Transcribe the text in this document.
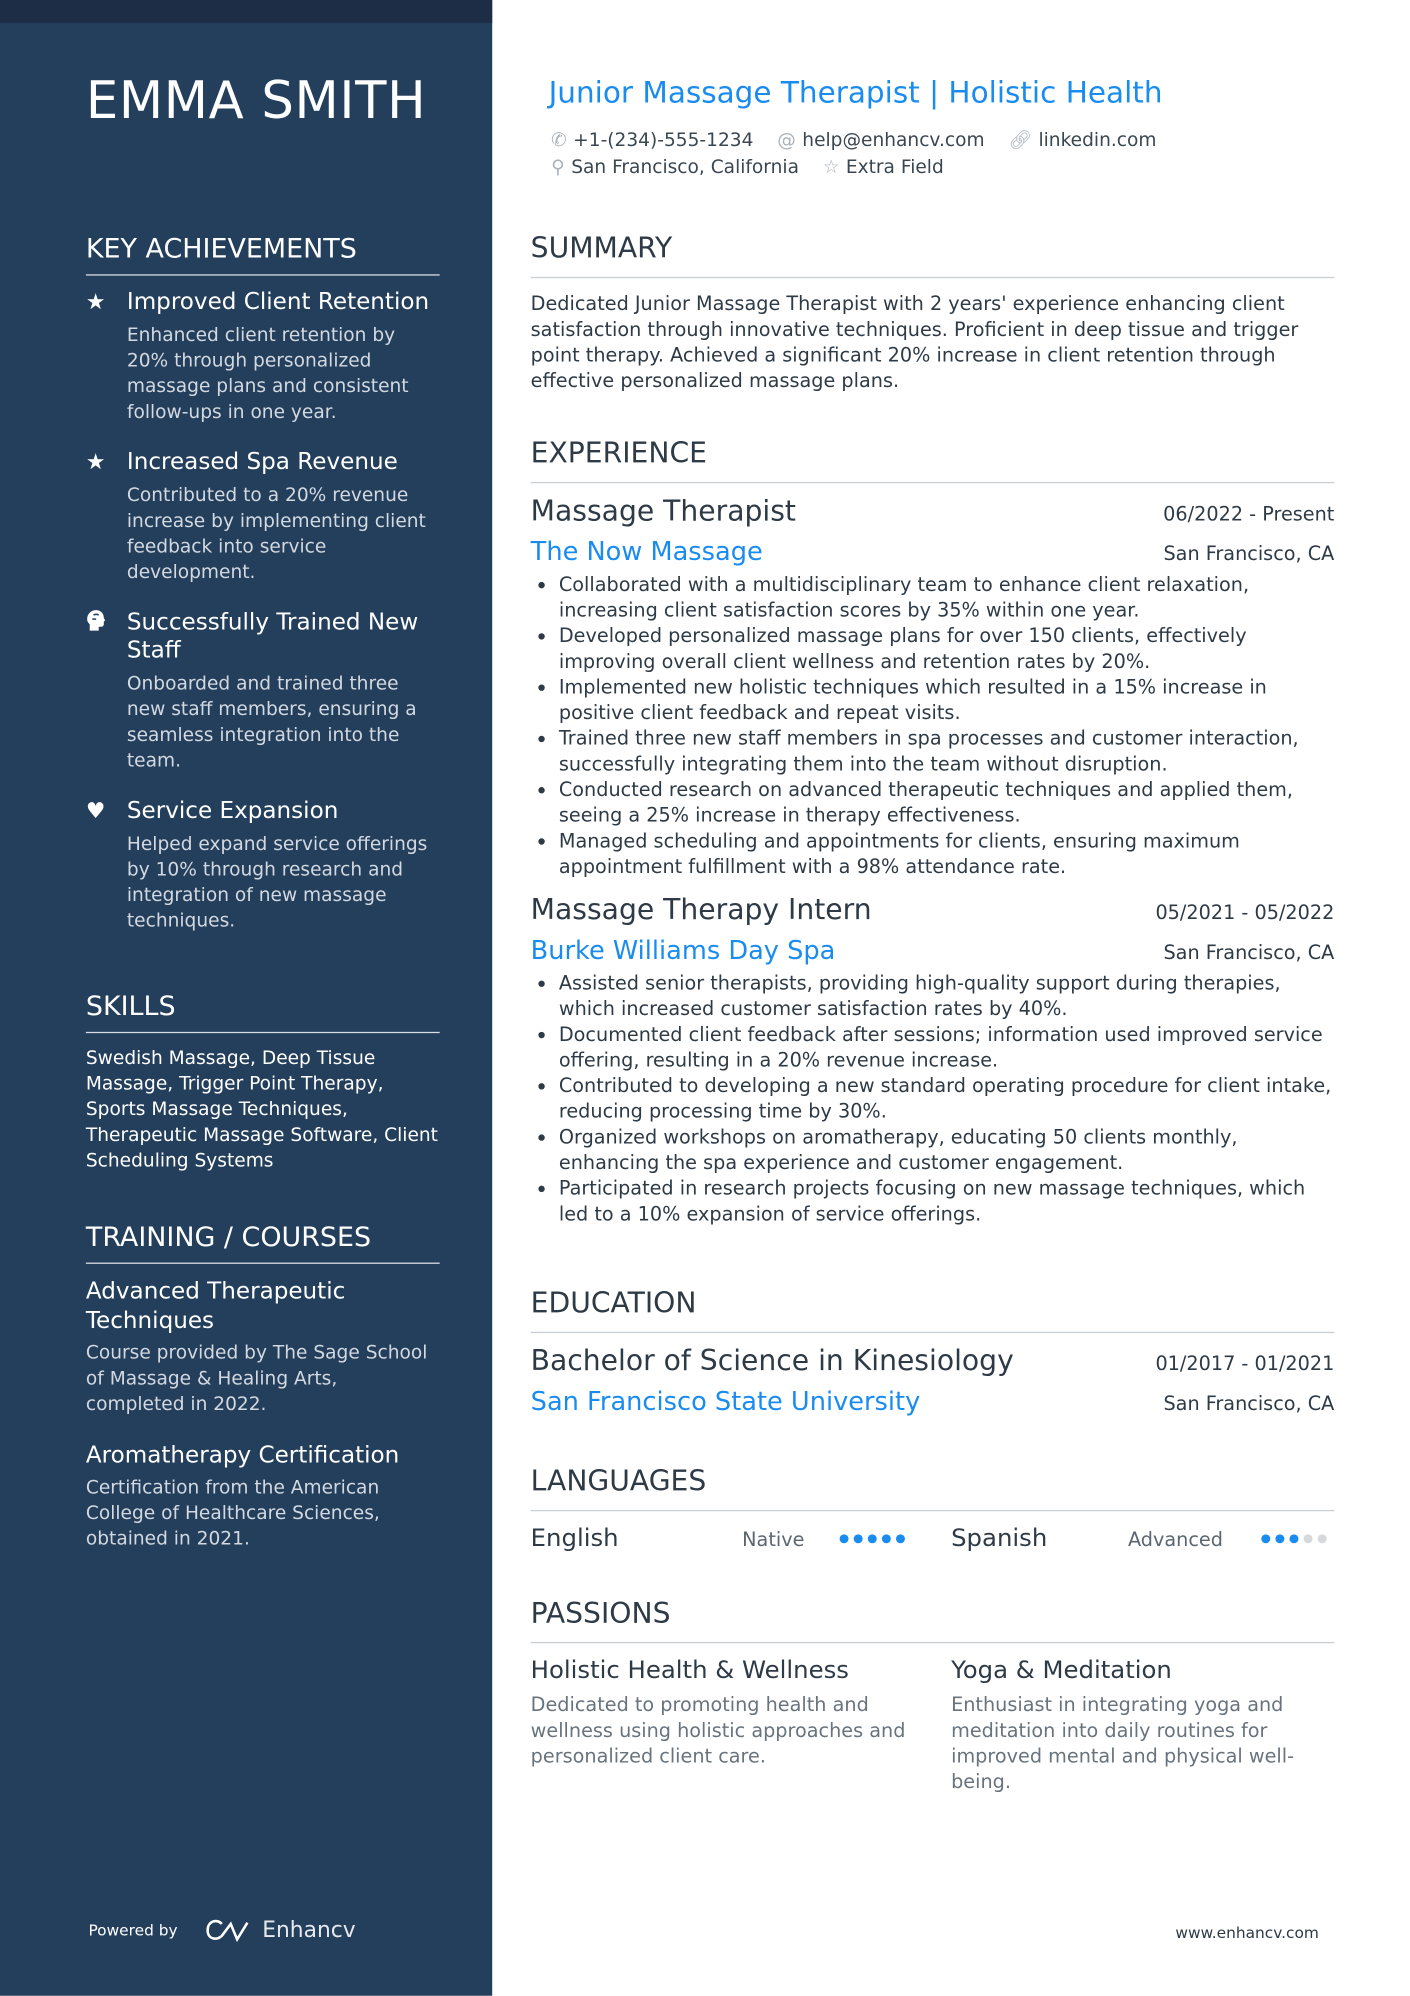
EMMA SMITH
KEY ACHIEVEMENTS
★	Improved Client Retention
Enhanced client retention by 20% through personalized massage plans and consistent follow-ups in one year.
★	Increased Spa Revenue
Contributed to a 20% revenue increase by implementing client feedback into service development.
Successfully Trained New Staff
Onboarded and trained three new staff members, ensuring a seamless integration into the team.
♥	Service Expansion
Helped expand service offerings by 10% through research and integration of new massage techniques.
SKILLS
Swedish Massage, Deep Tissue Massage, Trigger Point Therapy, Sports Massage Techniques, Therapeutic Massage Software, Client Scheduling Systems
TRAINING / COURSES
Advanced Therapeutic Techniques
Course provided by The Sage School of Massage & Healing Arts, completed in 2022.
Aromatherapy Certification
Certification from the American College of Healthcare Sciences, obtained in 2021.
Powered by	Enhancv
Junior Massage Therapist | Holistic Health
✆ +1-(234)-555-1234 @ help@enhancv.com 🔗︎ linkedin.com
⚲ San Francisco, California ☆ Extra Field
SUMMARY
Dedicated Junior Massage Therapist with 2 years' experience enhancing client satisfaction through innovative techniques. Proficient in deep tissue and trigger point therapy. Achieved a significant 20% increase in client retention through effective personalized massage plans.
EXPERIENCE
Massage Therapist	06/2022 - Present
The Now Massage	San Francisco, CA
• Collaborated with a multidisciplinary team to enhance client relaxation, increasing client satisfaction scores by 35% within one year.
• Developed personalized massage plans for over 150 clients, effectively improving overall client wellness and retention rates by 20%.
• Implemented new holistic techniques which resulted in a 15% increase in positive client feedback and repeat visits.
• Trained three new staff members in spa processes and customer interaction, successfully integrating them into the team without disruption.
• Conducted research on advanced therapeutic techniques and applied them, seeing a 25% increase in therapy effectiveness.
• Managed scheduling and appointments for clients, ensuring maximum appointment fulfillment with a 98% attendance rate.
Massage Therapy Intern	05/2021 - 05/2022
Burke Williams Day Spa	San Francisco, CA
• Assisted senior therapists, providing high-quality support during therapies, which increased customer satisfaction rates by 40%.
• Documented client feedback after sessions; information used improved service offering, resulting in a 20% revenue increase.
• Contributed to developing a new standard operating procedure for client intake, reducing processing time by 30%.
• Organized workshops on aromatherapy, educating 50 clients monthly, enhancing the spa experience and customer engagement.
• Participated in research projects focusing on new massage techniques, which led to a 10% expansion of service offerings.
EDUCATION
Bachelor of Science in Kinesiology	01/2017 - 01/2021
San Francisco State University	San Francisco, CA
LANGUAGES
English	Native	Spanish	Advanced
PASSIONS
Holistic Health & Wellness
Dedicated to promoting health and wellness using holistic approaches and personalized client care.
Yoga & Meditation
Enthusiast in integrating yoga and meditation into daily routines for improved mental and physical well-being.
www.enhancv.com
